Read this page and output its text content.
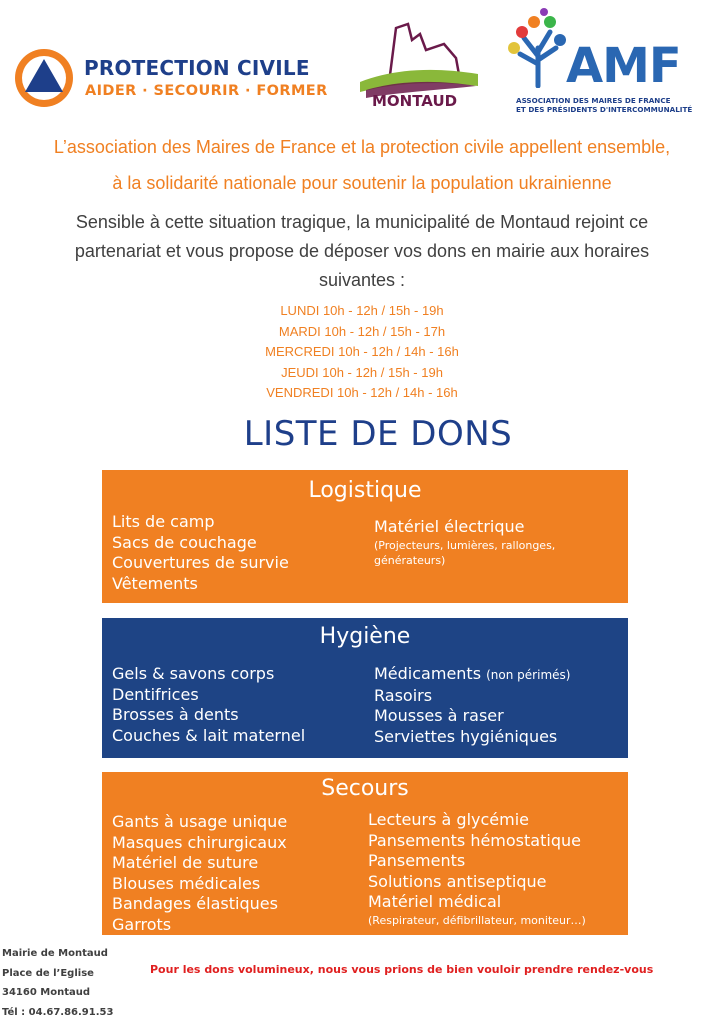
PROTECTION CIVILE
AIDER · SECOURIR · FORMER
MONTAUD
AMF
ASSOCIATION DES MAIRES DE FRANCE
ET DES PRÉSIDENTS D'INTERCOMMUNALITÉ
L’association des Maires de France et la protection civile appellent ensemble,
à la solidarité nationale pour soutenir la population ukrainienne
Sensible à cette situation tragique, la municipalité de Montaud rejoint ce
partenariat et vous propose de déposer vos dons en mairie aux horaires
suivantes :
LUNDI 10h - 12h / 15h - 19h
MARDI 10h - 12h / 15h - 17h
MERCREDI 10h - 12h / 14h - 16h
JEUDI 10h - 12h / 15h - 19h
VENDREDI 10h - 12h / 14h - 16h
LISTE DE DONS
Logistique
Lits de camp
Sacs de couchage
Couvertures de survie
Vêtements
Matériel électrique
(Projecteurs, lumières, rallonges,
générateurs)
Hygiène
Gels & savons corps
Dentifrices
Brosses à dents
Couches & lait maternel
Médicaments (non périmés)
Rasoirs
Mousses à raser
Serviettes hygiéniques
Secours
Gants à usage unique
Masques chirurgicaux
Matériel de suture
Blouses médicales
Bandages élastiques
Garrots
Lecteurs à glycémie
Pansements hémostatique
Pansements
Solutions antiseptique
Matériel médical
(Respirateur, défibrillateur, moniteur…)
Mairie de Montaud
Place de l’Eglise
34160 Montaud
Tél : 04.67.86.91.53
Pour les dons volumineux, nous vous prions de bien vouloir prendre rendez-vous
